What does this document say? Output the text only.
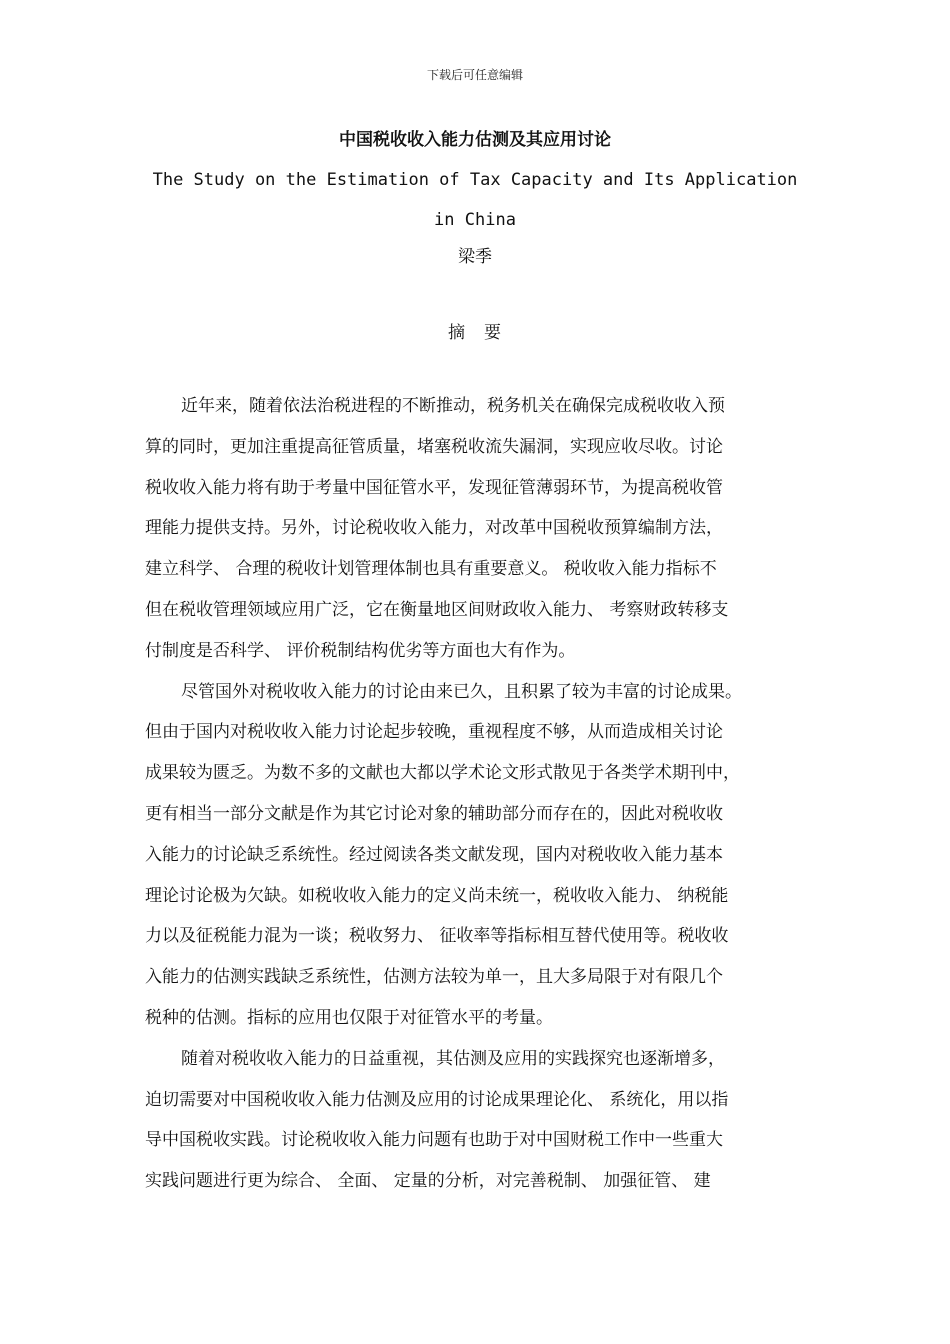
下载后可任意编辑
中国税收收入能力估测及其应用讨论
The Study on the Estimation of Tax Capacity and Its Application in China
梁季
摘　要

近年来，随着依法治税进程的不断推动，税务机关在确保完成税收收入预
算的同时，更加注重提高征管质量，堵塞税收流失漏洞，实现应收尽收。讨论
税收收入能力将有助于考量中国征管水平，发现征管薄弱环节，为提高税收管
理能力提供支持。另外，讨论税收收入能力，对改革中国税收预算编制方法，
建立科学、 合理的税收计划管理体制也具有重要意义。 税收收入能力指标不
但在税收管理领域应用广泛，它在衡量地区间财政收入能力、 考察财政转移支
付制度是否科学、 评价税制结构优劣等方面也大有作为。

尽管国外对税收收入能力的讨论由来已久，且积累了较为丰富的讨论成果。
但由于国内对税收收入能力讨论起步较晚，重视程度不够，从而造成相关讨论
成果较为匮乏。为数不多的文献也大都以学术论文形式散见于各类学术期刊中，
更有相当一部分文献是作为其它讨论对象的辅助部分而存在的，因此对税收收
入能力的讨论缺乏系统性。经过阅读各类文献发现，国内对税收收入能力基本
理论讨论极为欠缺。如税收收入能力的定义尚未统一，税收收入能力、 纳税能
力以及征税能力混为一谈；税收努力、 征收率等指标相互替代使用等。税收收
入能力的估测实践缺乏系统性，估测方法较为单一，且大多局限于对有限几个
税种的估测。指标的应用也仅限于对征管水平的考量。

随着对税收收入能力的日益重视，其估测及应用的实践探究也逐渐增多，
迫切需要对中国税收收入能力估测及应用的讨论成果理论化、 系统化，用以指
导中国税收实践。讨论税收收入能力问题有也助于对中国财税工作中一些重大
实践问题进行更为综合、 全面、 定量的分析，对完善税制、 加强征管、 建
